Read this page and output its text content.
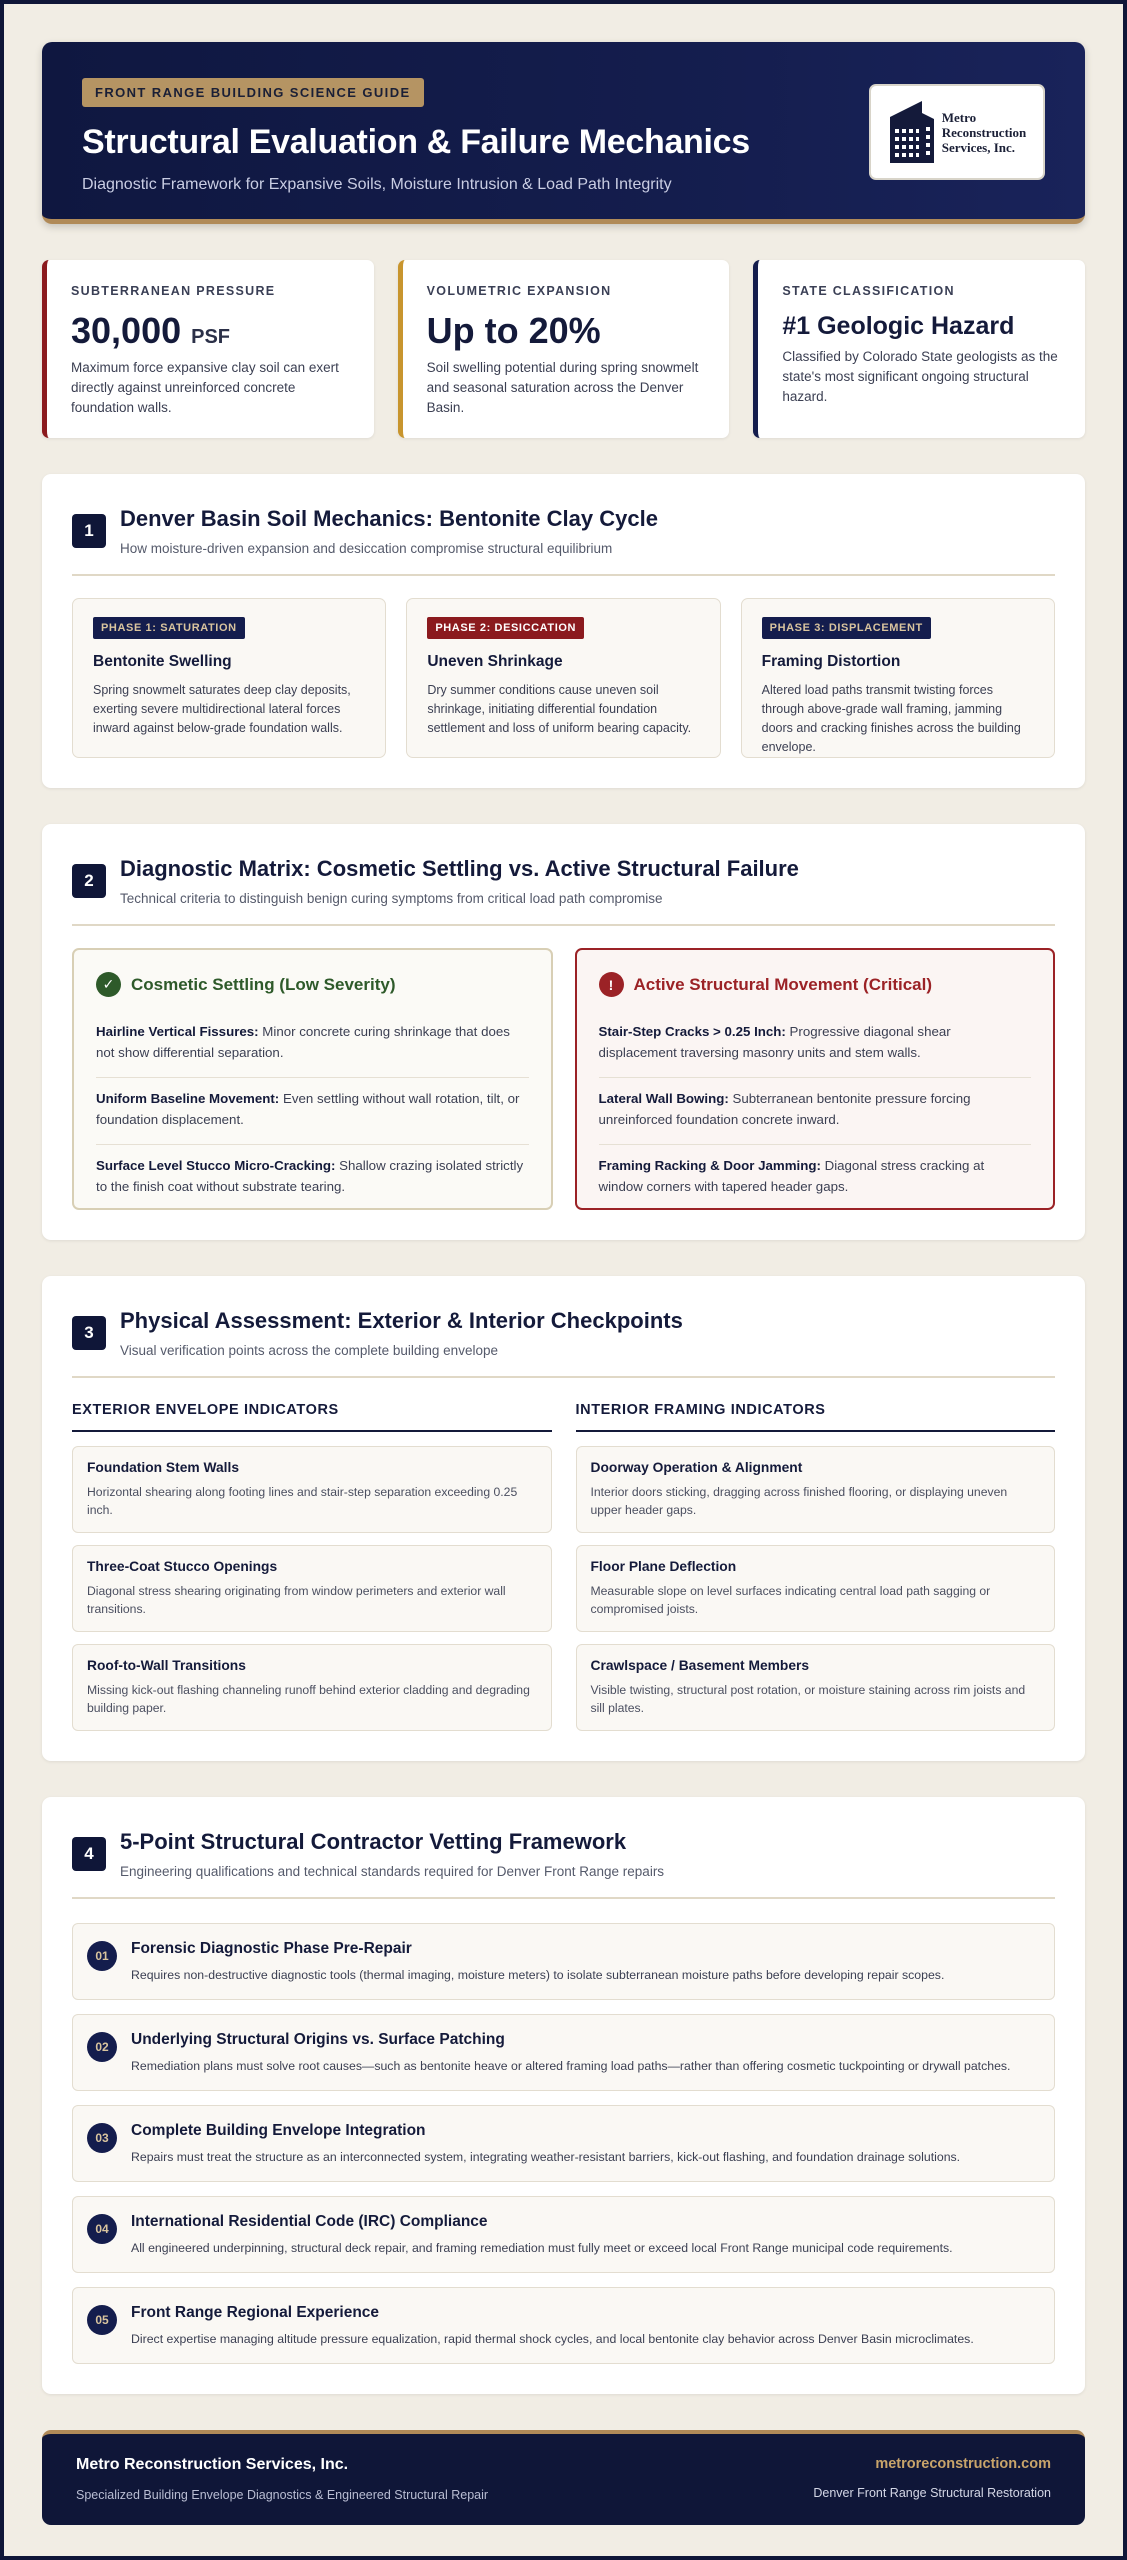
FRONT RANGE BUILDING SCIENCE GUIDE
Structural Evaluation & Failure Mechanics
Diagnostic Framework for Expansive Soils, Moisture Intrusion & Load Path Integrity
Metro
Reconstruction
Services, Inc.
SUBTERRANEAN PRESSURE
30,000 PSF
Maximum force expansive clay soil can exert directly against unreinforced concrete foundation walls.
VOLUMETRIC EXPANSION
Up to 20%
Soil swelling potential during spring snowmelt and seasonal saturation across the Denver Basin.
STATE CLASSIFICATION
#1 Geologic Hazard
Classified by Colorado State geologists as the state's most significant ongoing structural hazard.
1	Denver Basin Soil Mechanics: Bentonite Clay Cycle
How moisture-driven expansion and desiccation compromise structural equilibrium
PHASE 1: SATURATION
Bentonite Swelling
Spring snowmelt saturates deep clay deposits, exerting severe multidirectional lateral forces inward against below-grade foundation walls.
PHASE 2: DESICCATION
Uneven Shrinkage
Dry summer conditions cause uneven soil shrinkage, initiating differential foundation settlement and loss of uniform bearing capacity.
PHASE 3: DISPLACEMENT
Framing Distortion
Altered load paths transmit twisting forces through above-grade wall framing, jamming doors and cracking finishes across the building envelope.
2	Diagnostic Matrix: Cosmetic Settling vs. Active Structural Failure
Technical criteria to distinguish benign curing symptoms from critical load path compromise
✓ Cosmetic Settling (Low Severity)
Hairline Vertical Fissures: Minor concrete curing shrinkage that does not show differential separation.
Uniform Baseline Movement: Even settling without wall rotation, tilt, or foundation displacement.
Surface Level Stucco Micro-Cracking: Shallow crazing isolated strictly to the finish coat without substrate tearing.
!	Active Structural Movement (Critical)
Stair-Step Cracks > 0.25 Inch: Progressive diagonal shear displacement traversing masonry units and stem walls.
Lateral Wall Bowing: Subterranean bentonite pressure forcing unreinforced foundation concrete inward.
Framing Racking & Door Jamming: Diagonal stress cracking at window corners with tapered header gaps.
3	Physical Assessment: Exterior & Interior Checkpoints
Visual verification points across the complete building envelope
EXTERIOR ENVELOPE INDICATORS
Foundation Stem Walls
Horizontal shearing along footing lines and stair-step separation exceeding 0.25 inch.
Three-Coat Stucco Openings
Diagonal stress shearing originating from window perimeters and exterior wall transitions.
Roof-to-Wall Transitions
Missing kick-out flashing channeling runoff behind exterior cladding and degrading building paper.
INTERIOR FRAMING INDICATORS
Doorway Operation & Alignment
Interior doors sticking, dragging across finished flooring, or displaying uneven upper header gaps.
Floor Plane Deflection
Measurable slope on level surfaces indicating central load path sagging or compromised joists.
Crawlspace / Basement Members
Visible twisting, structural post rotation, or moisture staining across rim joists and sill plates.
4	5-Point Structural Contractor Vetting Framework
Engineering qualifications and technical standards required for Denver Front Range repairs
01	Forensic Diagnostic Phase Pre-Repair
Requires non-destructive diagnostic tools (thermal imaging, moisture meters) to isolate subterranean moisture paths before developing repair scopes.
02	Underlying Structural Origins vs. Surface Patching
Remediation plans must solve root causes—such as bentonite heave or altered framing load paths—rather than offering cosmetic tuckpointing or drywall patches.
03	Complete Building Envelope Integration
Repairs must treat the structure as an interconnected system, integrating weather-resistant barriers, kick-out flashing, and foundation drainage solutions.
04	International Residential Code (IRC) Compliance
All engineered underpinning, structural deck repair, and framing remediation must fully meet or exceed local Front Range municipal code requirements.
05	Front Range Regional Experience
Direct expertise managing altitude pressure equalization, rapid thermal shock cycles, and local bentonite clay behavior across Denver Basin microclimates.
Metro Reconstruction Services, Inc.
Specialized Building Envelope Diagnostics & Engineered Structural Repair
metroreconstruction.com
Denver Front Range Structural Restoration
